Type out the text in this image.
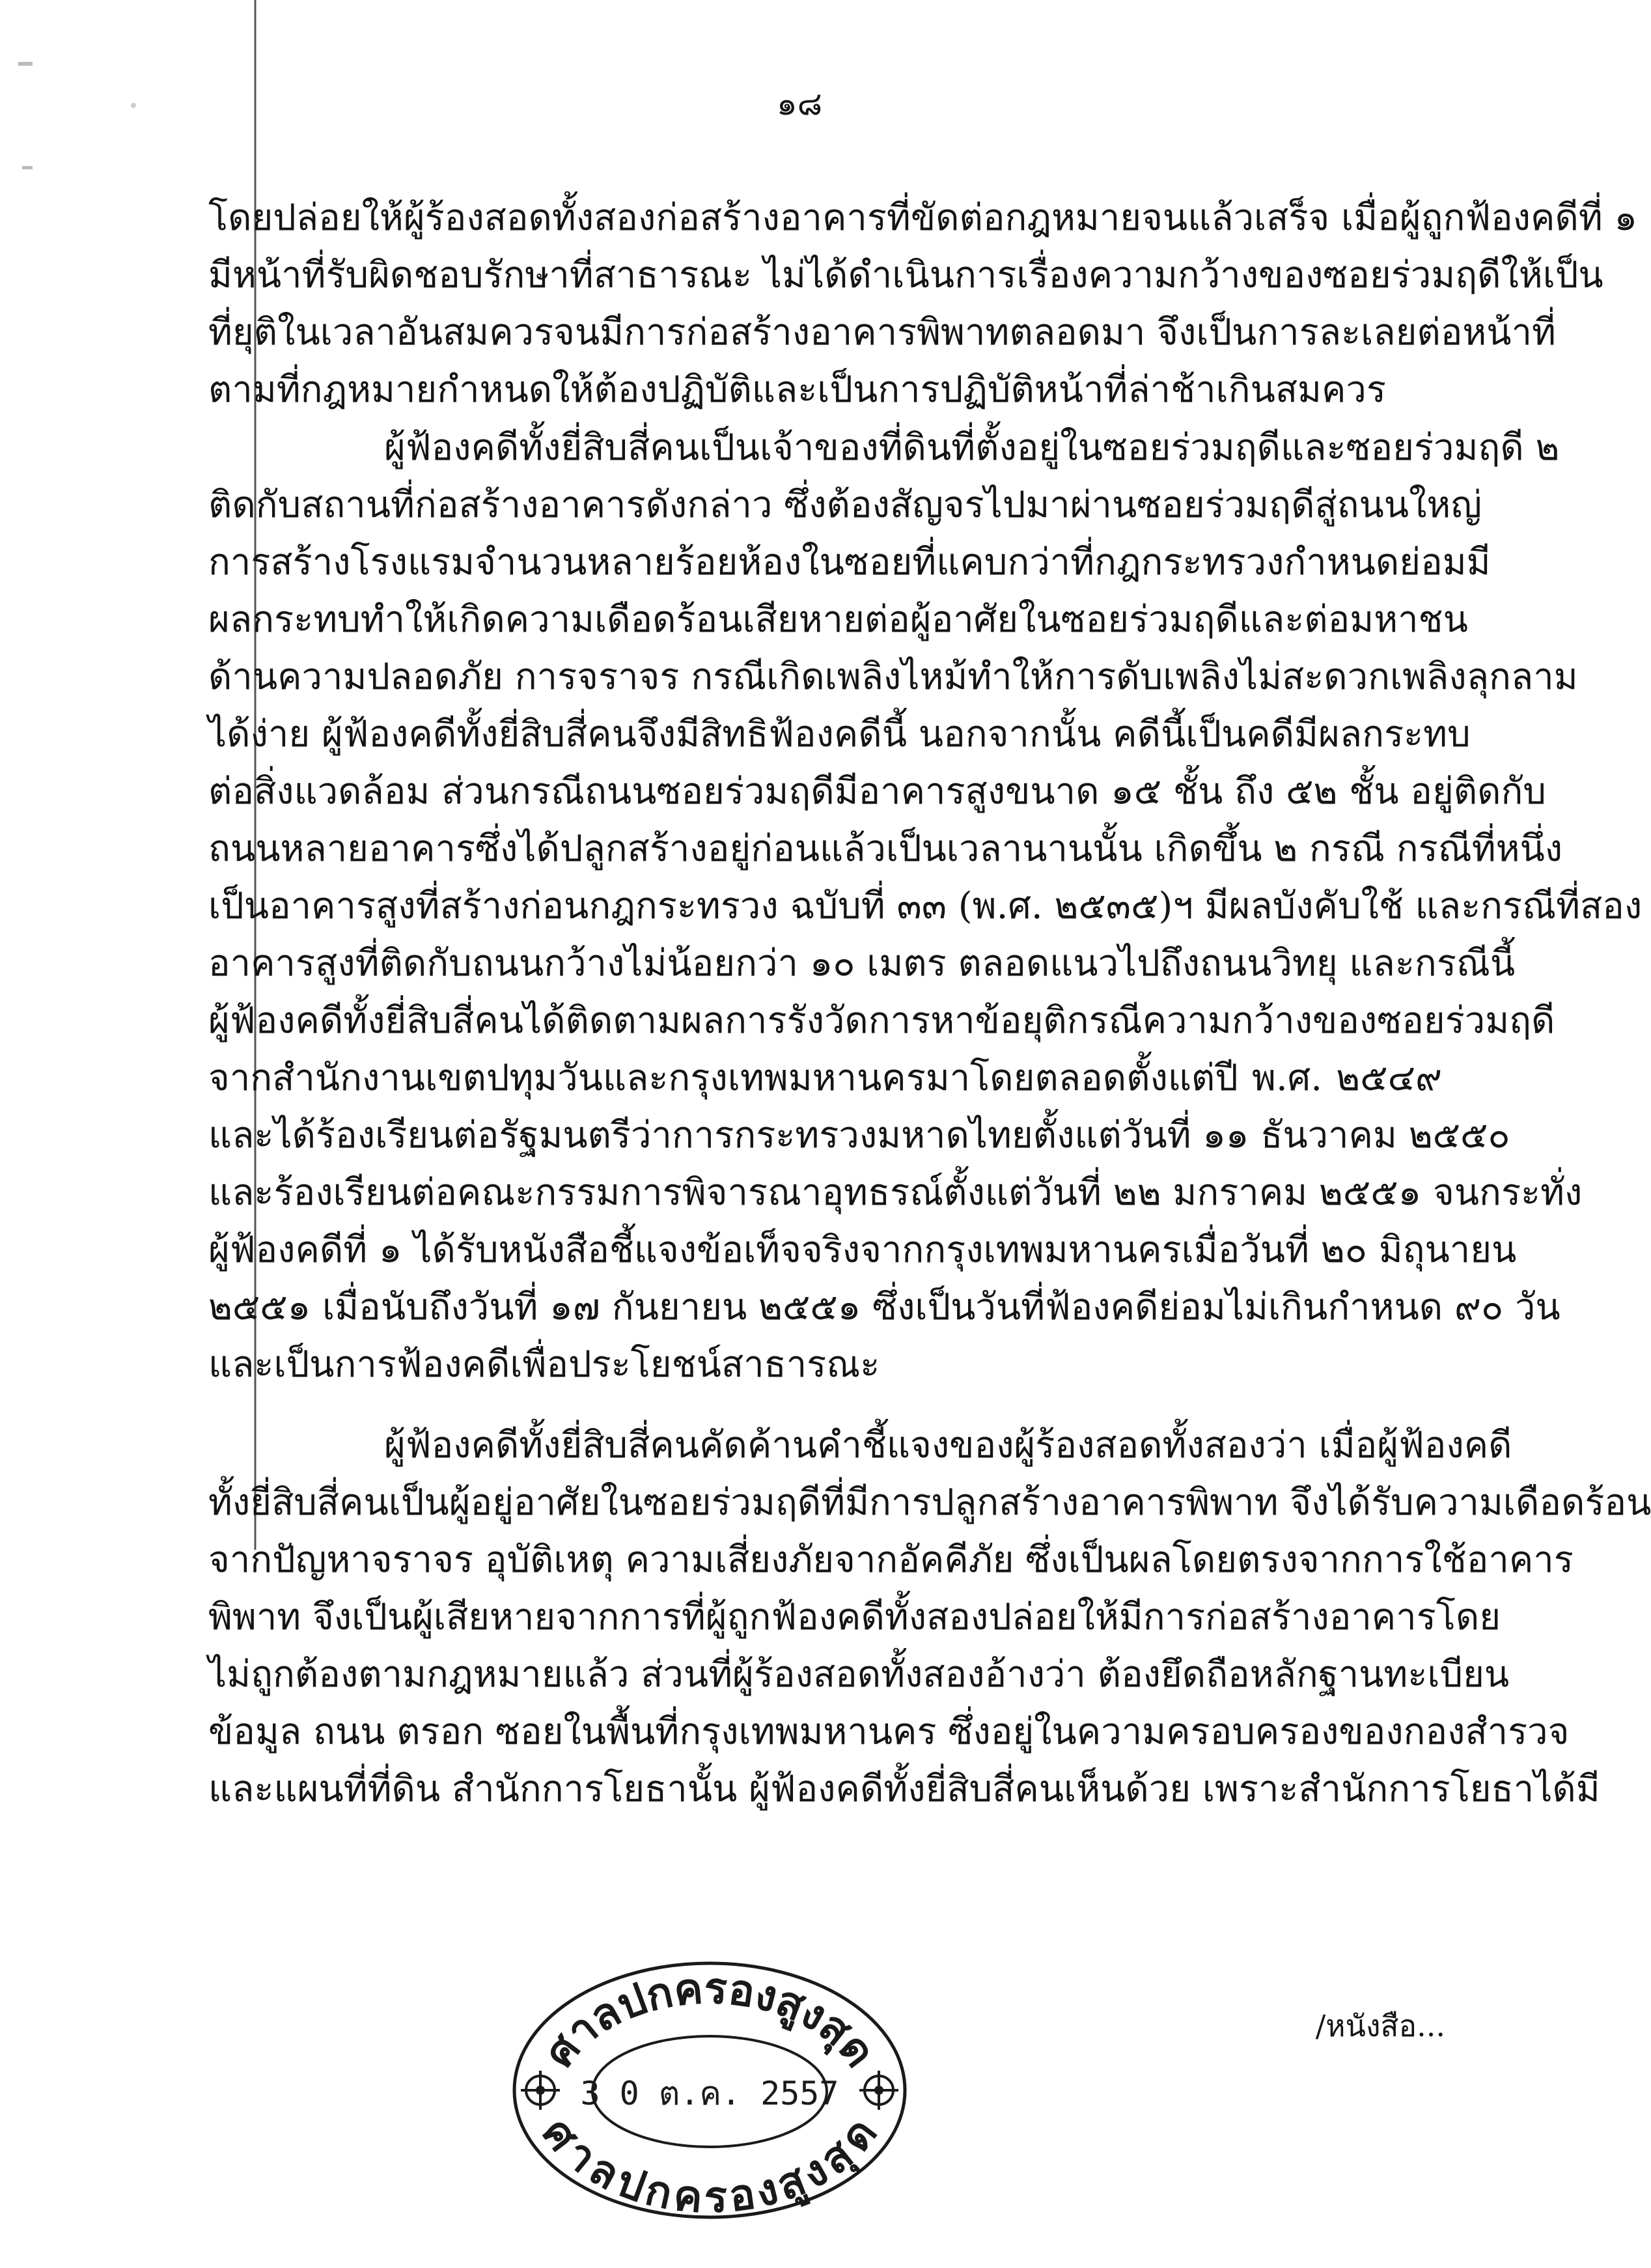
๑๘
โดยปล่อยให้ผู้ร้องสอดทั้งสองก่อสร้างอาคารที่ขัดต่อกฎหมายจนแล้วเสร็จ เมื่อผู้ถูกฟ้องคดีที่ ๑
มีหน้าที่รับผิดชอบรักษาที่สาธารณะ ไม่ได้ดำเนินการเรื่องความกว้างของซอยร่วมฤดีให้เป็น
ที่ยุติในเวลาอันสมควรจนมีการก่อสร้างอาคารพิพาทตลอดมา จึงเป็นการละเลยต่อหน้าที่
ตามที่กฎหมายกำหนดให้ต้องปฏิบัติและเป็นการปฏิบัติหน้าที่ล่าช้าเกินสมควร
ผู้ฟ้องคดีทั้งยี่สิบสี่คนเป็นเจ้าของที่ดินที่ตั้งอยู่ในซอยร่วมฤดีและซอยร่วมฤดี ๒
ติดกับสถานที่ก่อสร้างอาคารดังกล่าว ซึ่งต้องสัญจรไปมาผ่านซอยร่วมฤดีสู่ถนนใหญ่
การสร้างโรงแรมจำนวนหลายร้อยห้องในซอยที่แคบกว่าที่กฎกระทรวงกำหนดย่อมมี
ผลกระทบทำให้เกิดความเดือดร้อนเสียหายต่อผู้อาศัยในซอยร่วมฤดีและต่อมหาชน
ด้านความปลอดภัย การจราจร กรณีเกิดเพลิงไหม้ทำให้การดับเพลิงไม่สะดวกเพลิงลุกลาม
ได้ง่าย ผู้ฟ้องคดีทั้งยี่สิบสี่คนจึงมีสิทธิฟ้องคดีนี้ นอกจากนั้น คดีนี้เป็นคดีมีผลกระทบ
ต่อสิ่งแวดล้อม ส่วนกรณีถนนซอยร่วมฤดีมีอาคารสูงขนาด ๑๕ ชั้น ถึง ๕๒ ชั้น อยู่ติดกับ
ถนนหลายอาคารซึ่งได้ปลูกสร้างอยู่ก่อนแล้วเป็นเวลานานนั้น เกิดขึ้น ๒ กรณี กรณีที่หนึ่ง
เป็นอาคารสูงที่สร้างก่อนกฎกระทรวง ฉบับที่ ๓๓ (พ.ศ. ๒๕๓๕)ฯ มีผลบังคับใช้ และกรณีที่สอง
อาคารสูงที่ติดกับถนนกว้างไม่น้อยกว่า ๑๐ เมตร ตลอดแนวไปถึงถนนวิทยุ และกรณีนี้
ผู้ฟ้องคดีทั้งยี่สิบสี่คนได้ติดตามผลการรังวัดการหาข้อยุติกรณีความกว้างของซอยร่วมฤดี
จากสำนักงานเขตปทุมวันและกรุงเทพมหานครมาโดยตลอดตั้งแต่ปี พ.ศ. ๒๕๔๙
และได้ร้องเรียนต่อรัฐมนตรีว่าการกระทรวงมหาดไทยตั้งแต่วันที่ ๑๑ ธันวาคม ๒๕๕๐
และร้องเรียนต่อคณะกรรมการพิจารณาอุทธรณ์ตั้งแต่วันที่ ๒๒ มกราคม ๒๕๕๑ จนกระทั่ง
ผู้ฟ้องคดีที่ ๑ ได้รับหนังสือชี้แจงข้อเท็จจริงจากกรุงเทพมหานครเมื่อวันที่ ๒๐ มิถุนายน
๒๕๕๑ เมื่อนับถึงวันที่ ๑๗ กันยายน ๒๕๕๑ ซึ่งเป็นวันที่ฟ้องคดีย่อมไม่เกินกำหนด ๙๐ วัน
และเป็นการฟ้องคดีเพื่อประโยชน์สาธารณะ
ผู้ฟ้องคดีทั้งยี่สิบสี่คนคัดค้านคำชี้แจงของผู้ร้องสอดทั้งสองว่า เมื่อผู้ฟ้องคดี
ทั้งยี่สิบสี่คนเป็นผู้อยู่อาศัยในซอยร่วมฤดีที่มีการปลูกสร้างอาคารพิพาท จึงได้รับความเดือดร้อน
จากปัญหาจราจร อุบัติเหตุ ความเสี่ยงภัยจากอัคคีภัย ซึ่งเป็นผลโดยตรงจากการใช้อาคาร
พิพาท จึงเป็นผู้เสียหายจากการที่ผู้ถูกฟ้องคดีทั้งสองปล่อยให้มีการก่อสร้างอาคารโดย
ไม่ถูกต้องตามกฎหมายแล้ว ส่วนที่ผู้ร้องสอดทั้งสองอ้างว่า ต้องยึดถือหลักฐานทะเบียน
ข้อมูล ถนน ตรอก ซอยในพื้นที่กรุงเทพมหานคร ซึ่งอยู่ในความครอบครองของกองสำรวจ
และแผนที่ที่ดิน สำนักการโยธานั้น ผู้ฟ้องคดีทั้งยี่สิบสี่คนเห็นด้วย เพราะสำนักการโยธาได้มี
ศาลปกครองสูงสุด
ศาลปกครองสูงสุด
3 0 ต.ค. 2557
/หนังสือ...
